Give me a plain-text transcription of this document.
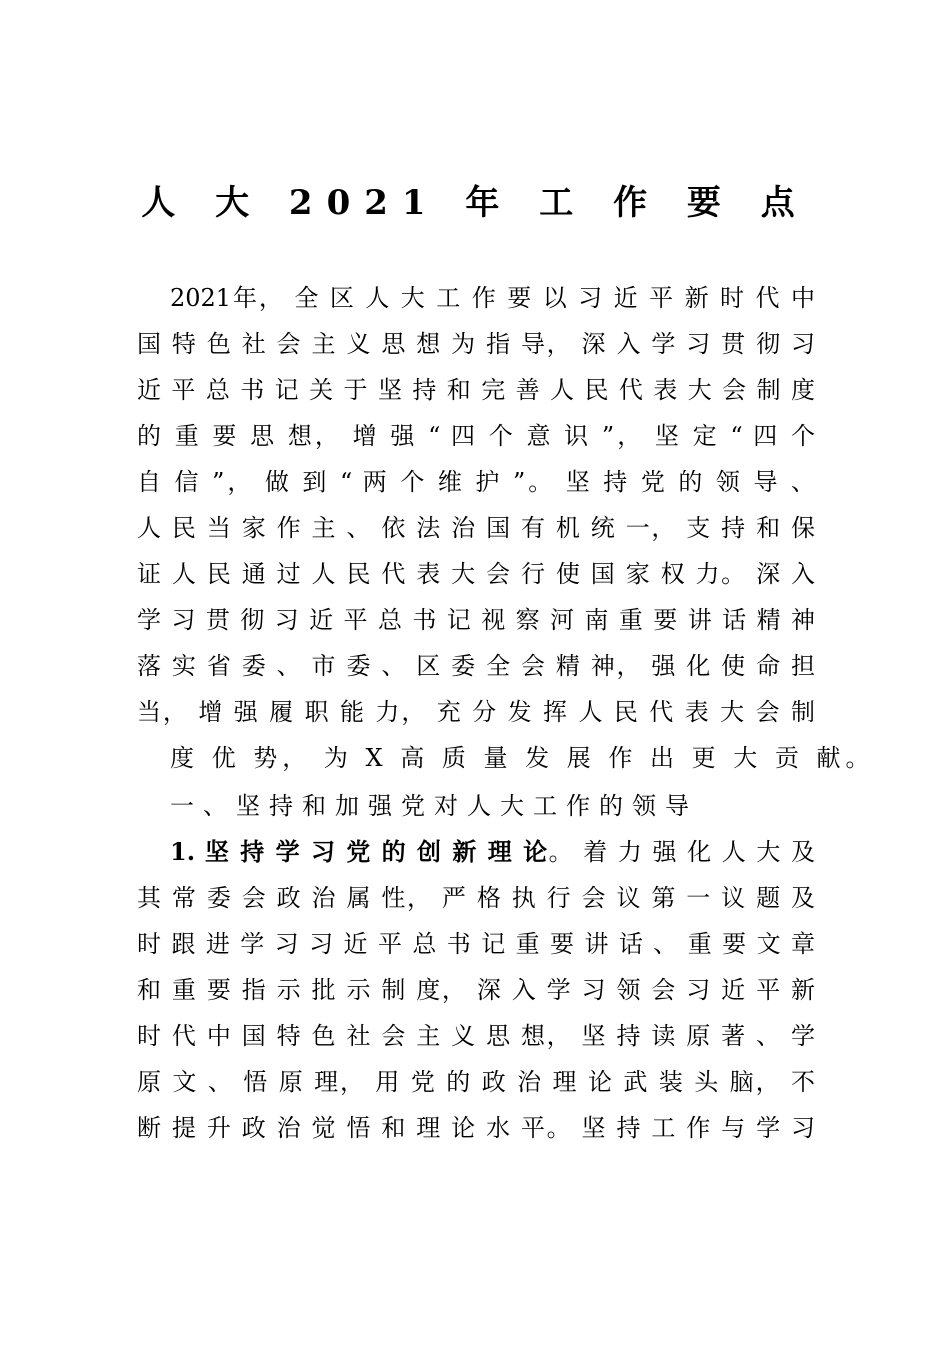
人 大 2021 年 工 作 要 点
2021年， 全 区 人 大 工 作 要 以 习 近 平 新 时 代 中
国 特 色 社 会 主 义 思 想 为 指 导， 深 入 学 习 贯 彻 习
近 平 总 书 记 关 于 坚 持 和 完 善 人 民 代 表 大 会 制 度
的 重 要 思 想， 增 强 “ 四 个 意 识 ”， 坚 定 “ 四 个
自 信 ”， 做 到 “ 两 个 维 护 ”。 坚 持 党 的 领 导 、
人 民 当 家 作 主 、 依 法 治 国 有 机 统 一， 支 持 和 保
证 人 民 通 过 人 民 代 表 大 会 行 使 国 家 权 力。 深 入
学 习 贯 彻 习 近 平 总 书 记 视 察 河 南 重 要 讲 话 精 神
落 实 省 委 、 市 委 、 区 委 全 会 精 神， 强 化 使 命 担
当， 增 强 履 职 能 力， 充 分 发 挥 人 民 代 表 大 会 制
度 优 势， 为 X 高 质 量 发 展 作 出 更 大 贡 献。
一、坚持和加强党对人大工作的领导
1. 坚 持 学 习 党 的 创 新 理 论。 着 力 强 化 人 大 及
其 常 委 会 政 治 属 性， 严 格 执 行 会 议 第 一 议 题 及
时 跟 进 学 习 习 近 平 总 书 记 重 要 讲 话 、 重 要 文 章
和 重 要 指 示 批 示 制 度， 深 入 学 习 领 会 习 近 平 新
时 代 中 国 特 色 社 会 主 义 思 想， 坚 持 读 原 著 、 学
原 文 、 悟 原 理， 用 党 的 政 治 理 论 武 装 头 脑， 不
断 提 升 政 治 觉 悟 和 理 论 水 平。 坚 持 工 作 与 学 习
